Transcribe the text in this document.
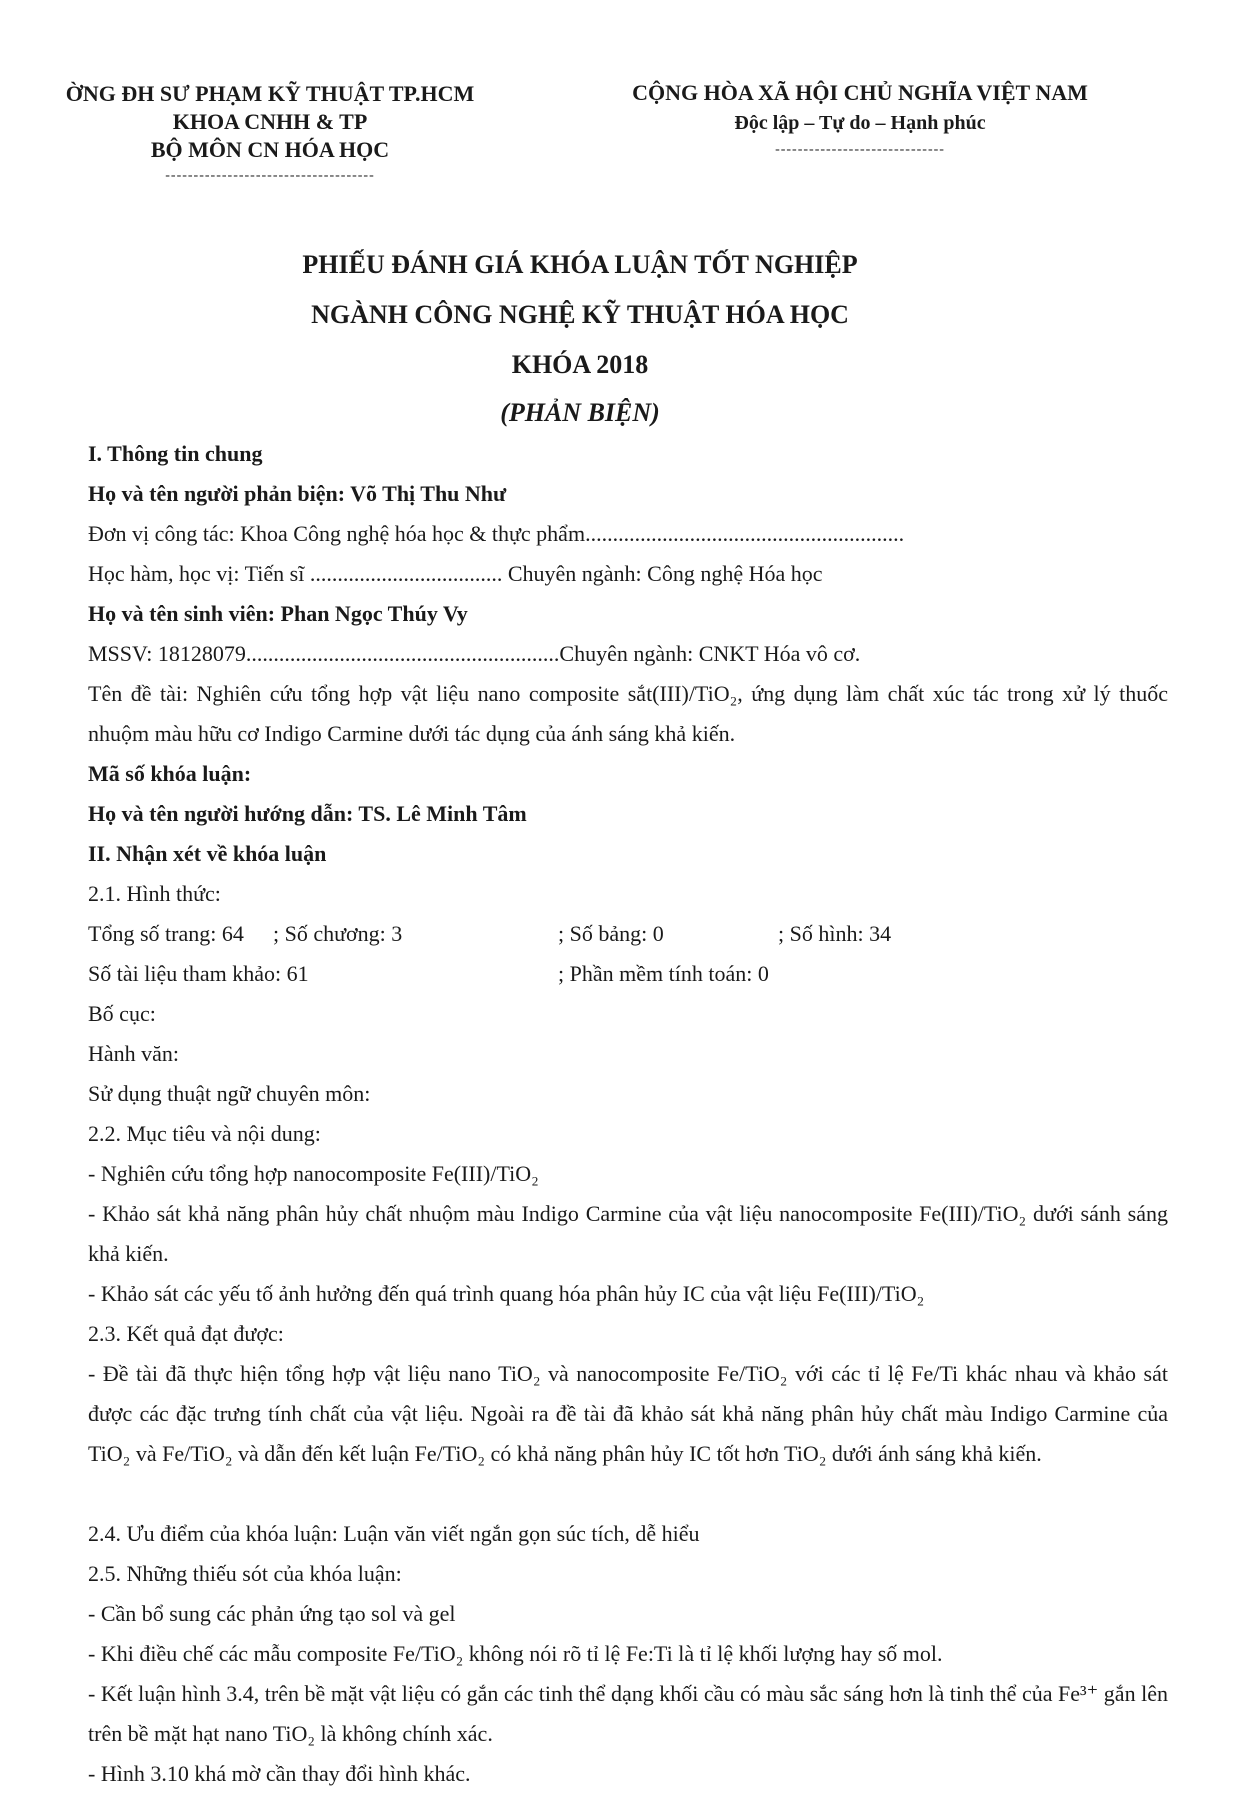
ỜNG ĐH SƯ PHẠM KỸ THUẬT TP.HCM
KHOA CNHH & TP
BỘ MÔN CN HÓA HỌC
-------------------------------------
CỘNG HÒA XÃ HỘI CHỦ NGHĨA VIỆT NAM
Độc lập – Tự do – Hạnh phúc
------------------------------
PHIẾU ĐÁNH GIÁ KHÓA LUẬN TỐT NGHIỆP
NGÀNH CÔNG NGHỆ KỸ THUẬT HÓA HỌC
KHÓA 2018
(PHẢN BIỆN)
I. Thông tin chung
Họ và tên người phản biện: Võ Thị Thu Như
Đơn vị công tác: Khoa Công nghệ hóa học & thực phẩm..........................................................
Học hàm, học vị: Tiến sĩ ................................... Chuyên ngành: Công nghệ Hóa học
Họ và tên sinh viên: Phan Ngọc Thúy Vy
MSSV: 18128079.........................................................Chuyên ngành: CNKT Hóa vô cơ.
Tên đề tài: Nghiên cứu tổng hợp vật liệu nano composite sắt(III)/TiO₂, ứng dụng làm chất xúc tác trong xử lý thuốc nhuộm màu hữu cơ Indigo Carmine dưới tác dụng của ánh sáng khả kiến.
Mã số khóa luận:
Họ và tên người hướng dẫn: TS. Lê Minh Tâm
II. Nhận xét về khóa luận
2.1. Hình thức:
Tổng số trang: 64 ; Số chương: 3	; Số bảng: 0	; Số hình: 34
Số tài liệu tham khảo: 61	; Phần mềm tính toán: 0
Bố cục:
Hành văn:
Sử dụng thuật ngữ chuyên môn:
2.2. Mục tiêu và nội dung:
- Nghiên cứu tổng hợp nanocomposite Fe(III)/TiO₂
- Khảo sát khả năng phân hủy chất nhuộm màu Indigo Carmine của vật liệu nanocomposite Fe(III)/TiO₂ dưới sánh sáng khả kiến.
- Khảo sát các yếu tố ảnh hưởng đến quá trình quang hóa phân hủy IC của vật liệu Fe(III)/TiO₂
2.3. Kết quả đạt được:
- Đề tài đã thực hiện tổng hợp vật liệu nano TiO₂ và nanocomposite Fe/TiO₂ với các tỉ lệ Fe/Ti khác nhau và khảo sát được các đặc trưng tính chất của vật liệu. Ngoài ra đề tài đã khảo sát khả năng phân hủy chất màu Indigo Carmine của TiO₂ và Fe/TiO₂ và dẫn đến kết luận Fe/TiO₂ có khả năng phân hủy IC tốt hơn TiO₂ dưới ánh sáng khả kiến.
2.4. Ưu điểm của khóa luận: Luận văn viết ngắn gọn súc tích, dễ hiểu
2.5. Những thiếu sót của khóa luận:
- Cần bổ sung các phản ứng tạo sol và gel
- Khi điều chế các mẫu composite Fe/TiO₂ không nói rõ tỉ lệ Fe:Ti là tỉ lệ khối lượng hay số mol.
- Kết luận hình 3.4, trên bề mặt vật liệu có gắn các tinh thể dạng khối cầu có màu sắc sáng hơn là tinh thể của Fe³⁺ gắn lên trên bề mặt hạt nano TiO₂ là không chính xác.
- Hình 3.10 khá mờ cần thay đổi hình khác.
